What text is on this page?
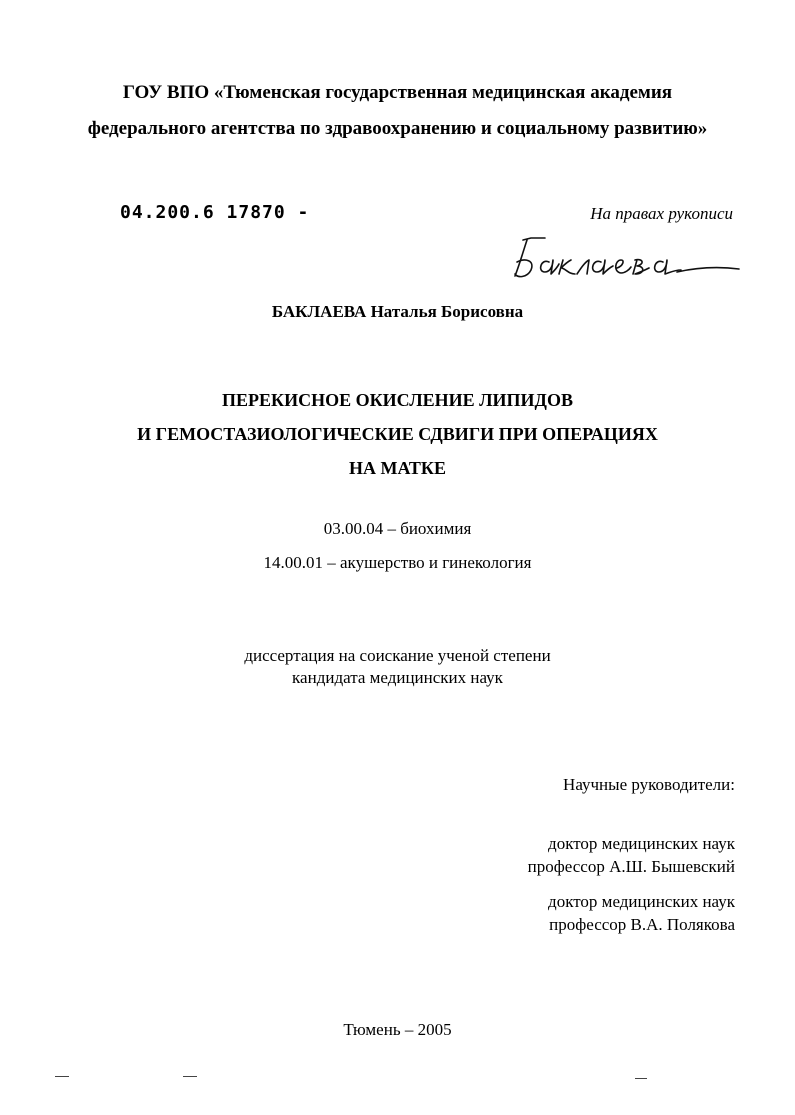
ГОУ ВПО «Тюменская государственная медицинская академия
федерального агентства по здравоохранению и социальному развитию»
04.200.6 17870 -	На правах рукописи
БАКЛАЕВА Наталья Борисовна
ПЕРЕКИСНОЕ ОКИСЛЕНИЕ ЛИПИДОВ
И ГЕМОСТАЗИОЛОГИЧЕСКИЕ СДВИГИ ПРИ ОПЕРАЦИЯХ
НА МАТКЕ
03.00.04 – биохимия
14.00.01 – акушерство и гинекология
диссертация на соискание ученой степени
кандидата медицинских наук
Научные руководители:
доктор медицинских наук
профессор А.Ш. Бышевский
доктор медицинских наук
профессор В.А. Полякова
Тюмень – 2005
